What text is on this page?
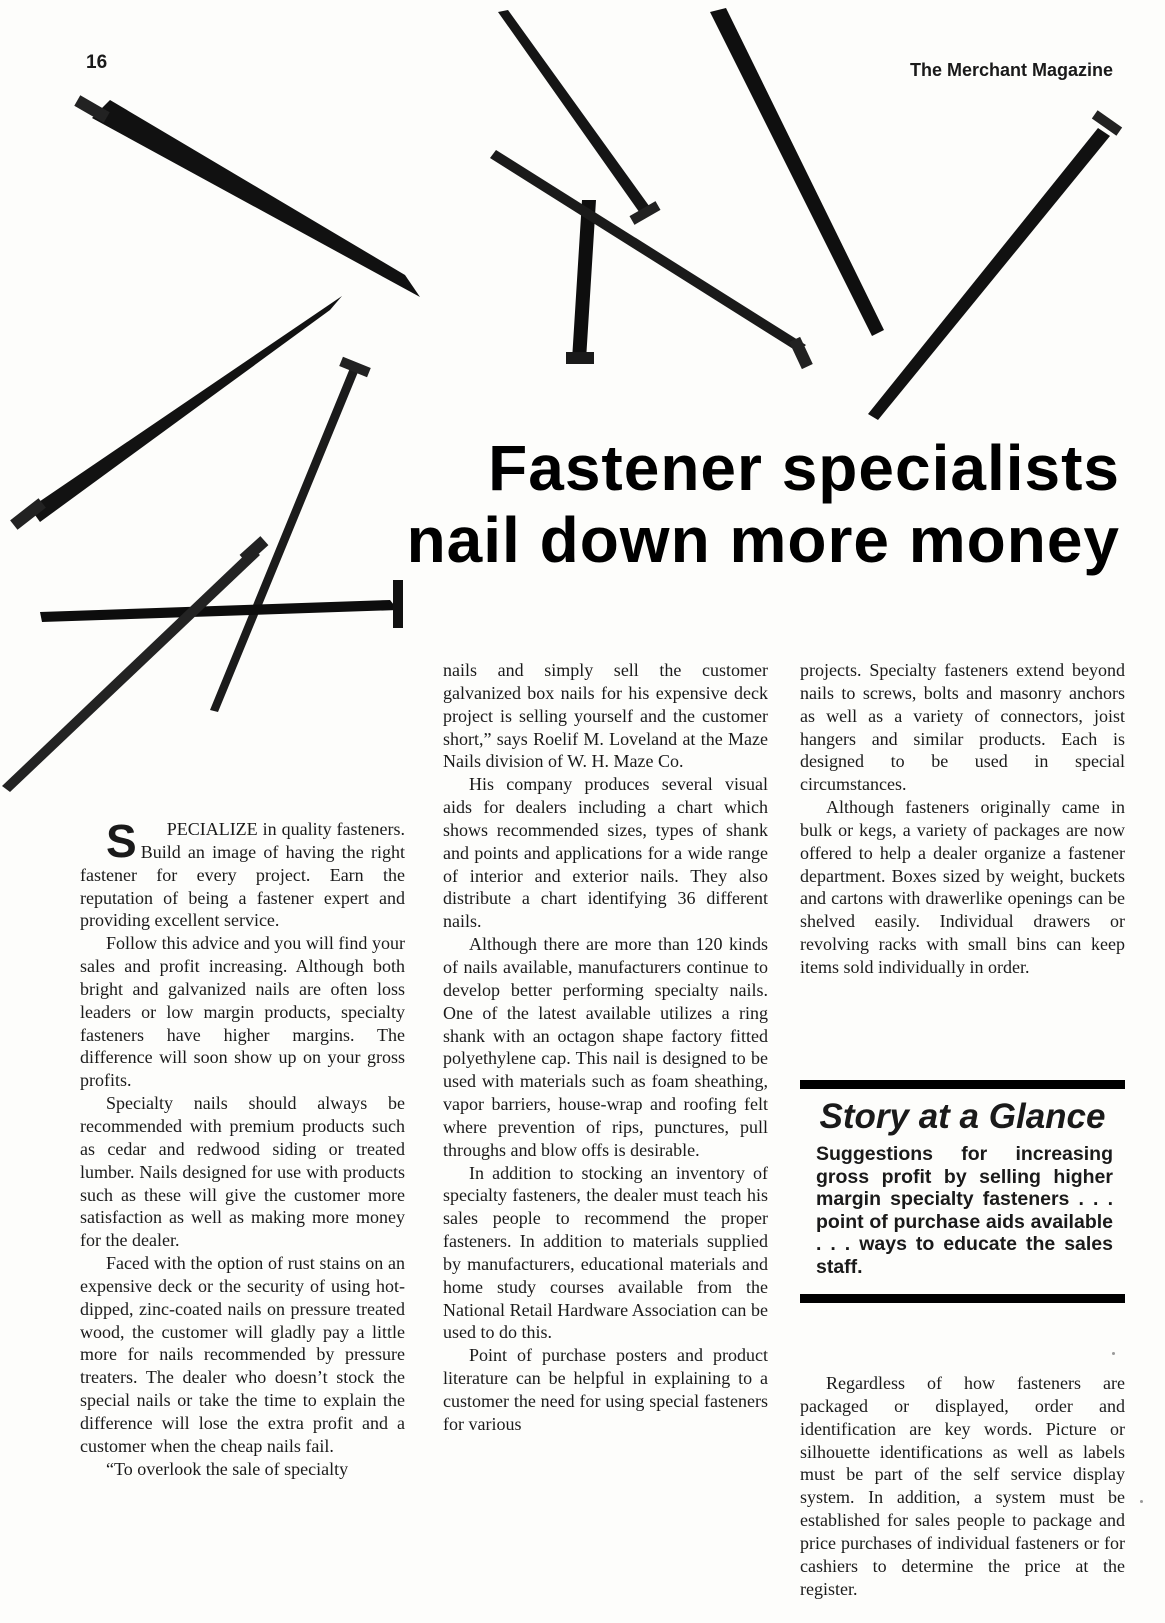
16	The Merchant Magazine
Fastener specialists
nail down more money

S PECIALIZE in quality fasteners. Build an image of having the right fastener for every project. Earn the reputation of being a fastener expert and providing excellent service.

Follow this advice and you will find your sales and profit increasing. Although both bright and galvanized nails are often loss leaders or low margin products, specialty fasteners have higher margins. The difference will soon show up on your gross profits.

Specialty nails should always be recommended with premium products such as cedar and redwood siding or treated lumber. Nails designed for use with products such as these will give the customer more satisfaction as well as making more money for the dealer.

Faced with the option of rust stains on an expensive deck or the security of using hot-dipped, zinc-coated nails on pressure treated wood, the customer will gladly pay a little more for nails recommended by pressure treaters. The dealer who doesn’t stock the special nails or take the time to explain the difference will lose the extra profit and a customer when the cheap nails fail.

“To overlook the sale of specialty

nails and simply sell the customer galvanized box nails for his expensive deck project is selling yourself and the customer short,” says Roelif M. Loveland at the Maze Nails division of W. H. Maze Co.

His company produces several visual aids for dealers including a chart which shows recommended sizes, types of shank and points and applications for a wide range of interior and exterior nails. They also distribute a chart identifying 36 different nails.

Although there are more than 120 kinds of nails available, manufacturers continue to develop better performing specialty nails. One of the latest available utilizes a ring shank with an octagon shape factory fitted polyethylene cap. This nail is designed to be used with materials such as foam sheathing, vapor barriers, house-wrap and roofing felt where prevention of rips, punctures, pull throughs and blow offs is desirable.

In addition to stocking an inventory of specialty fasteners, the dealer must teach his sales people to recommend the proper fasteners. In addition to materials supplied by manufacturers, educational materials and home study courses available from the National Retail Hardware Association can be used to do this.

Point of purchase posters and product literature can be helpful in explaining to a customer the need for using special fasteners for various

projects. Specialty fasteners extend beyond nails to screws, bolts and masonry anchors as well as a variety of connectors, joist hangers and similar products. Each is designed to be used in special circumstances.

Although fasteners originally came in bulk or kegs, a variety of packages are now offered to help a dealer organize a fastener department. Boxes sized by weight, buckets and cartons with drawerlike openings can be shelved easily. Individual drawers or revolving racks with small bins can keep items sold individually in order.

Story at a Glance

Suggestions for increasing gross profit by selling higher margin specialty fasteners . . . point of purchase aids available . . . ways to educate the sales staff.

Regardless of how fasteners are packaged or displayed, order and identification are key words. Picture or silhouette identifications as well as labels must be part of the self service display system. In addition, a system must be established for sales people to package and price purchases of individual fasteners or for cashiers to determine the price at the register.
